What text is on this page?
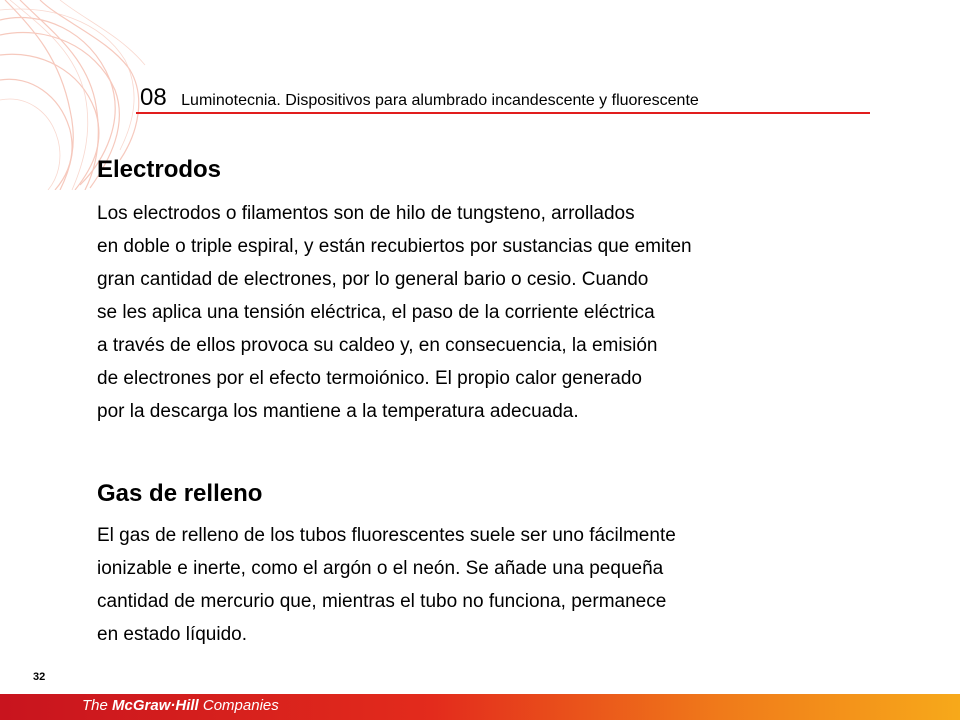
08 Luminotecnia. Dispositivos para alumbrado incandescente y fluorescente
Electrodos
Los electrodos o filamentos son de hilo de tungsteno, arrollados
en doble o triple espiral, y están recubiertos por sustancias que emiten
gran cantidad de electrones, por lo general bario o cesio. Cuando
se les aplica una tensión eléctrica, el paso de la corriente eléctrica
a través de ellos provoca su caldeo y, en consecuencia, la emisión
de electrones por el efecto termoiónico. El propio calor generado
por la descarga los mantiene a la temperatura adecuada.
Gas de relleno
El gas de relleno de los tubos fluorescentes suele ser uno fácilmente
ionizable e inerte, como el argón o el neón. Se añade una pequeña
cantidad de mercurio que, mientras el tubo no funciona, permanece
en estado líquido.
32
The McGraw·Hill Companies
